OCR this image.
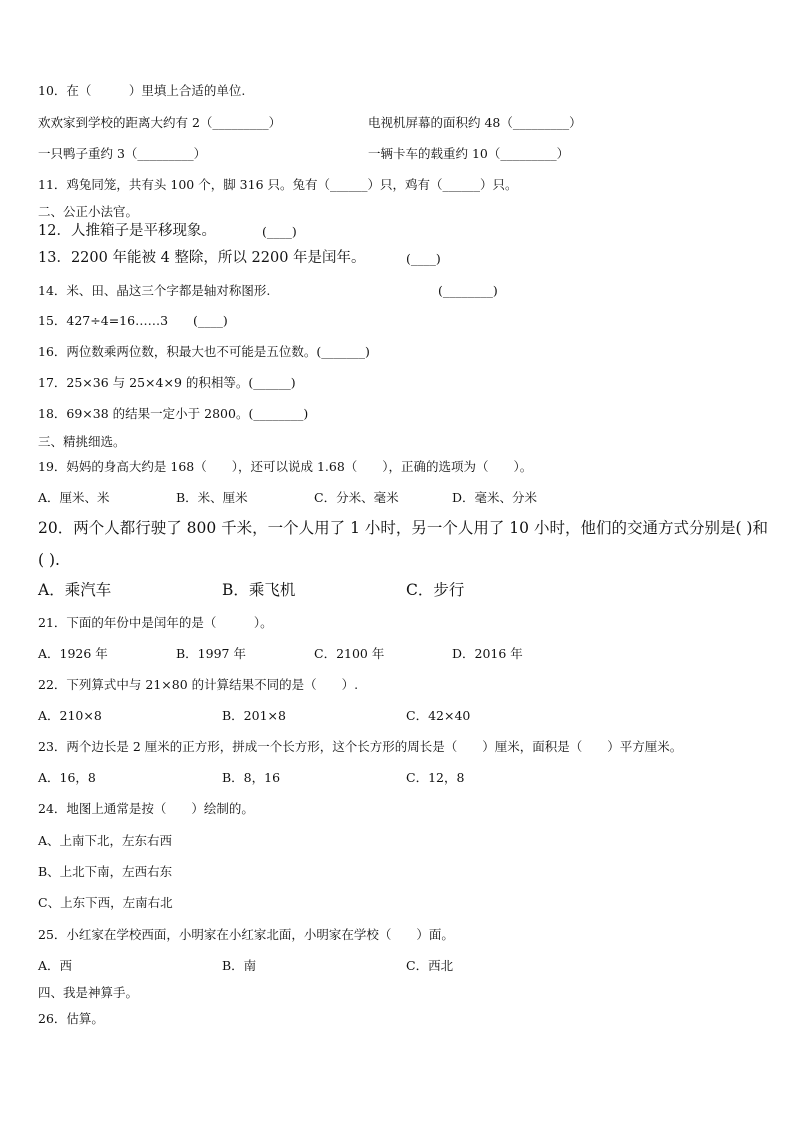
10．在（　　　）里填上合适的单位.
欢欢家到学校的距离大约有 2（_________）	电视机屏幕的面积约 48（_________）
一只鸭子重约 3（_________）	一辆卡车的载重约 10（_________）
11．鸡兔同笼，共有头 100 个，脚 316 只。兔有（______）只，鸡有（______）只。
二、公正小法官。
12．人推箱子是平移现象。	(____)
13．2200 年能被 4 整除，所以 2200 年是闰年。	(____)
14．米、田、晶这三个字都是轴对称图形.	(________)
15．427÷4=16……3 (____)
16．两位数乘两位数，积最大也不可能是五位数。(_______)
17．25×36 与 25×4×9 的积相等。(______)
18．69×38 的结果一定小于 2800。(________)
三、精挑细选。
19．妈妈的身高大约是 168（　　），还可以说成 1.68（　　），正确的选项为（　　）。
A．厘米、米	B．米、厘米	C．分米、毫米	D．毫米、分米
20．两个人都行驶了 800 千米，一个人用了 1 小时，另一个人用了 10 小时，他们的交通方式分别是( )和
( ).
A．乘汽车	B．乘飞机	C．步行
21．下面的年份中是闰年的是（　　　）。
A．1926 年	B．1997 年	C．2100 年	D．2016 年
22．下列算式中与 21×80 的计算结果不同的是（　　）.
A．210×8	B．201×8	C．42×40
23．两个边长是 2 厘米的正方形，拼成一个长方形，这个长方形的周长是（　　）厘米，面积是（　　）平方厘米。
A．16，8	B．8，16	C．12，8
24．地图上通常是按（　　）绘制的。
A、上南下北，左东右西
B、上北下南，左西右东
C、上东下西，左南右北
25．小红家在学校西面，小明家在小红家北面，小明家在学校（　　）面。
A．西	B．南	C．西北
四、我是神算手。
26．估算。
